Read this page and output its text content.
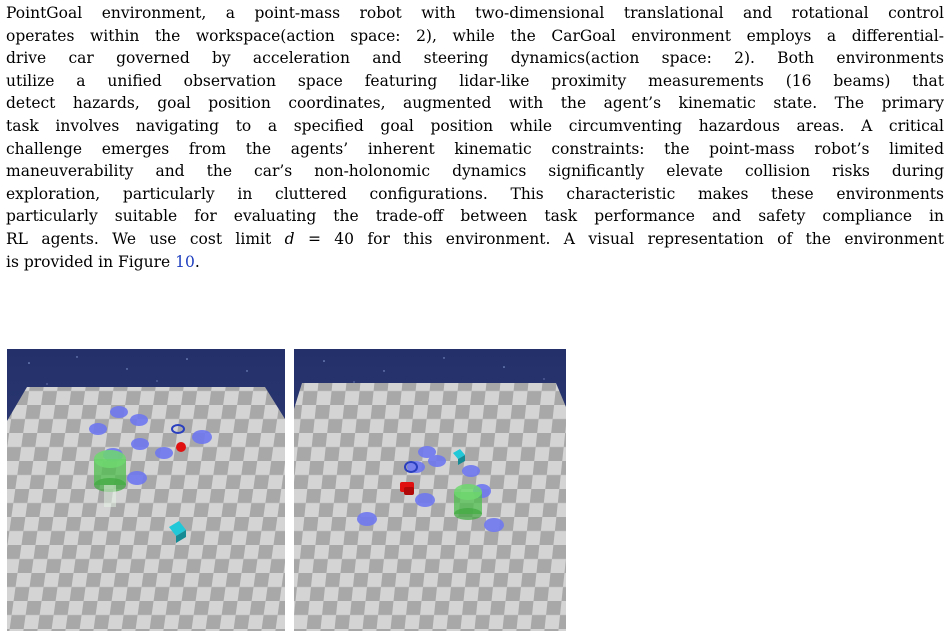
PointGoal environment, a point-mass robot with two-dimensional translational and rotational control
operates within the workspace(action space: 2), while the CarGoal environment employs a differential-
drive car governed by acceleration and steering dynamics(action space: 2). Both environments
utilize a unified observation space featuring lidar-like proximity measurements (16 beams) that
detect hazards, goal position coordinates, augmented with the agent’s kinematic state. The primary
task involves navigating to a specified goal position while circumventing hazardous areas. A critical
challenge emerges from the agents’ inherent kinematic constraints: the point-mass robot’s limited
maneuverability and the car’s non-holonomic dynamics significantly elevate collision risks during
exploration, particularly in cluttered configurations. This characteristic makes these environments
particularly suitable for evaluating the trade-off between task performance and safety compliance in
RL agents. We use cost limit d = 40 for this environment. A visual representation of the environment
is provided in Figure 10.
